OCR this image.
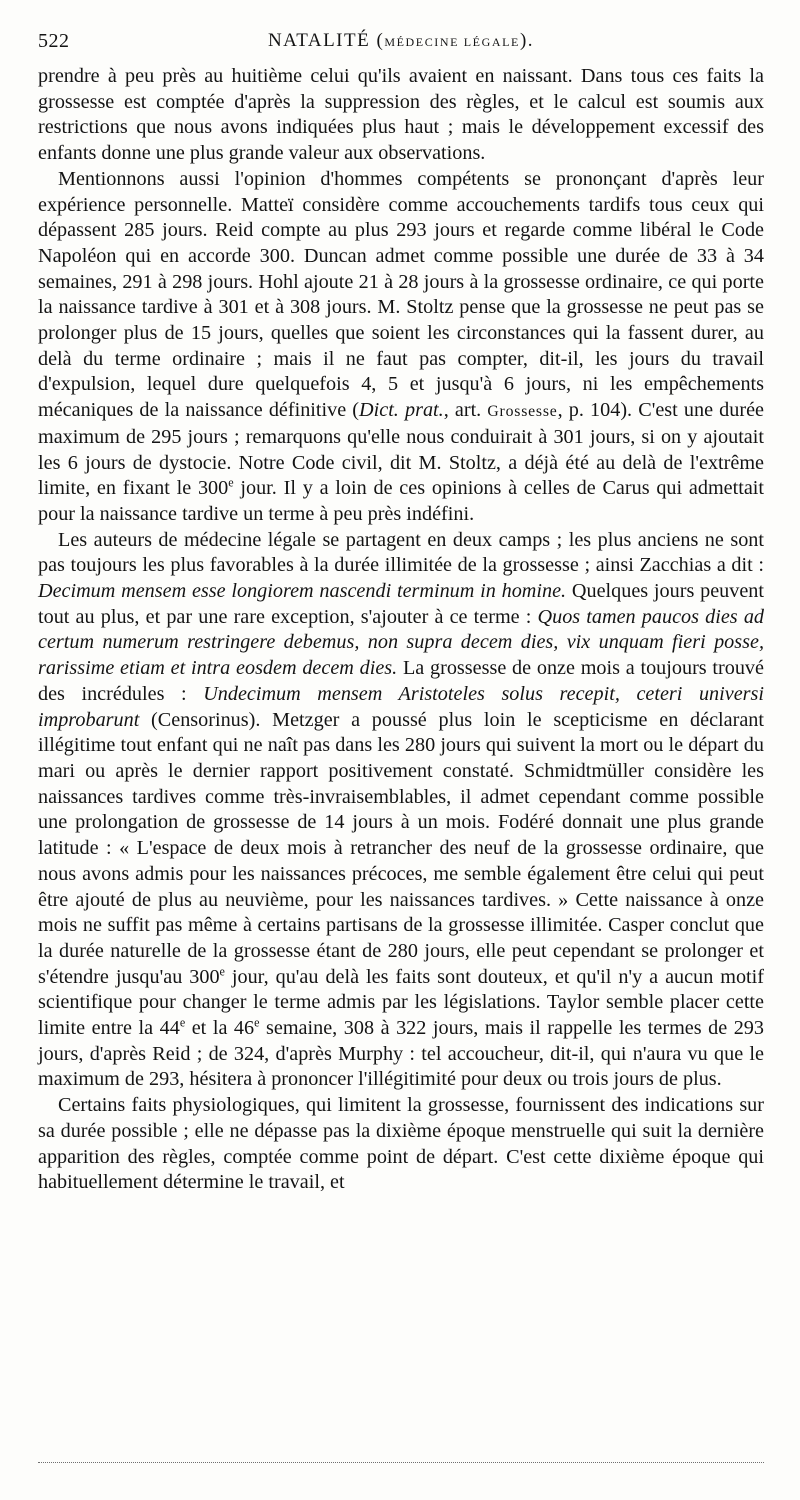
522	NATALITÉ (MÉDECINE LÉGALE).

prendre à peu près au huitième celui qu'ils avaient en naissant. Dans tous ces faits la grossesse est comptée d'après la suppression des règles, et le calcul est soumis aux restrictions que nous avons indiquées plus haut ; mais le développement excessif des enfants donne une plus grande valeur aux observations.

Mentionnons aussi l'opinion d'hommes compétents se prononçant d'après leur expérience personnelle. Matteï considère comme accouchements tardifs tous ceux qui dépassent 285 jours. Reid compte au plus 293 jours et regarde comme libéral le Code Napoléon qui en accorde 300. Duncan admet comme possible une durée de 33 à 34 semaines, 291 à 298 jours. Hohl ajoute 21 à 28 jours à la grossesse ordinaire, ce qui porte la naissance tardive à 301 et à 308 jours. M. Stoltz pense que la grossesse ne peut pas se prolonger plus de 15 jours, quelles que soient les circonstances qui la fassent durer, au delà du terme ordinaire ; mais il ne faut pas compter, dit-il, les jours du travail d'expulsion, lequel dure quelquefois 4, 5 et jusqu'à 6 jours, ni les empêchements mécaniques de la naissance définitive (Dict. prat., art. Grossesse, p. 104). C'est une durée maximum de 295 jours ; remarquons qu'elle nous conduirait à 301 jours, si on y ajoutait les 6 jours de dystocie. Notre Code civil, dit M. Stoltz, a déjà été au delà de l'extrême limite, en fixant le 300e jour. Il y a loin de ces opinions à celles de Carus qui admettait pour la naissance tardive un terme à peu près indéfini.

Les auteurs de médecine légale se partagent en deux camps ; les plus anciens ne sont pas toujours les plus favorables à la durée illimitée de la grossesse ; ainsi Zacchias a dit : Decimum mensem esse longiorem nascendi terminum in homine. Quelques jours peuvent tout au plus, et par une rare exception, s'ajouter à ce terme : Quos tamen paucos dies ad certum numerum restringere debemus, non supra decem dies, vix unquam fieri posse, rarissime etiam et intra eosdem decem dies. La grossesse de onze mois a toujours trouvé des incrédules : Undecimum mensem Aristoteles solus recepit, ceteri universi improbarunt (Censorinus). Metzger a poussé plus loin le scepticisme en déclarant illégitime tout enfant qui ne naît pas dans les 280 jours qui suivent la mort ou le départ du mari ou après le dernier rapport positivement constaté. Schmidtmüller considère les naissances tardives comme très-invraisemblables, il admet cependant comme possible une prolongation de grossesse de 14 jours à un mois. Fodéré donnait une plus grande latitude : « L'espace de deux mois à retrancher des neuf de la grossesse ordinaire, que nous avons admis pour les naissances précoces, me semble également être celui qui peut être ajouté de plus au neuvième, pour les naissances tardives. » Cette naissance à onze mois ne suffit pas même à certains partisans de la grossesse illimitée. Casper conclut que la durée naturelle de la grossesse étant de 280 jours, elle peut cependant se prolonger et s'étendre jusqu'au 300e jour, qu'au delà les faits sont douteux, et qu'il n'y a aucun motif scientifique pour changer le terme admis par les législations. Taylor semble placer cette limite entre la 44e et la 46e semaine, 308 à 322 jours, mais il rappelle les termes de 293 jours, d'après Reid ; de 324, d'après Murphy : tel accoucheur, dit-il, qui n'aura vu que le maximum de 293, hésitera à prononcer l'illégitimité pour deux ou trois jours de plus.

Certains faits physiologiques, qui limitent la grossesse, fournissent des indications sur sa durée possible ; elle ne dépasse pas la dixième époque menstruelle qui suit la dernière apparition des règles, comptée comme point de départ. C'est cette dixième époque qui habituellement détermine le travail, et
